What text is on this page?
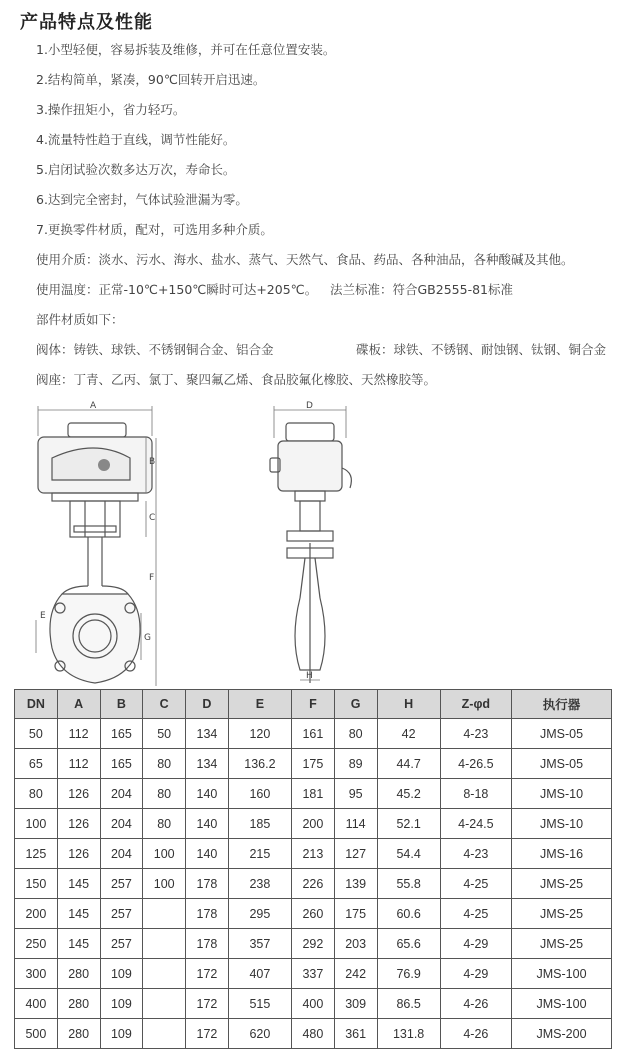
产品特点及性能
1.小型轻便，容易拆装及维修，并可在任意位置安装。
2.结构简单，紧凑，90℃回转开启迅速。
3.操作扭矩小，省力轻巧。
4.流量特性趋于直线，调节性能好。
5.启闭试验次数多达万次，寿命长。
6.达到完全密封，气体试验泄漏为零。
7.更换零件材质，配对，可选用多种介质。
使用介质：淡水、污水、海水、盐水、蒸气、天然气、食品、药品、各种油品，各种酸碱及其他。
使用温度：正常-10℃+150℃瞬时可达+205℃。 法兰标准：符合GB2555-81标准
部件材质如下：
阀体：铸铁、球铁、不锈钢铜合金、铝合金	碟板：球铁、不锈钢、耐蚀钢、钛钢、铜合金
阀座：丁青、乙丙、氯丁、聚四氟乙烯、食品胶氟化橡胶、天然橡胶等。
A
B
C
D
E
F
G
H
DN	A	B	C	D	E	F	G	H	Z-φd	执行器
50	112	165	50	134	120	161	80	42	4-23	JMS-05
65	112	165	80	134	136.2	175	89	44.7	4-26.5	JMS-05
80	126	204	80	140	160	181	95	45.2	8-18	JMS-10
100	126	204	80	140	185	200	114	52.1	4-24.5	JMS-10
125	126	204	100	140	215	213	127	54.4	4-23	JMS-16
150	145	257	100	178	238	226	139	55.8	4-25	JMS-25
200	145	257		178	295	260	175	60.6	4-25	JMS-25
250	145	257		178	357	292	203	65.6	4-29	JMS-25
300	280	109		172	407	337	242	76.9	4-29	JMS-100
400	280	109		172	515	400	309	86.5	4-26	JMS-100
500	280	109		172	620	480	361	131.8	4-26	JMS-200
